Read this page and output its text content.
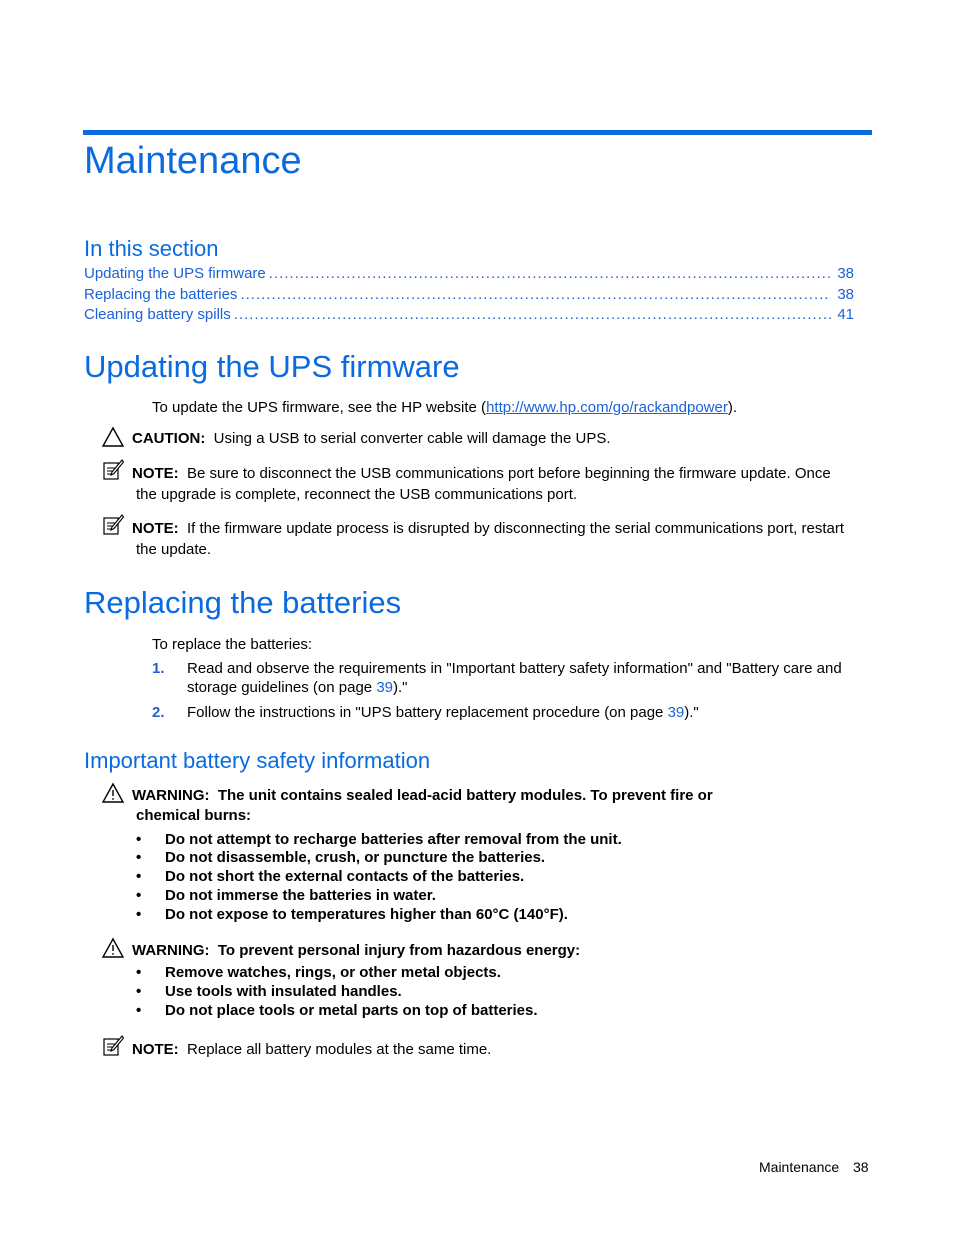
Maintenance
In this section
Updating the UPS firmware .....	38
Replacing the batteries .....	38
Cleaning battery spills .....	41
Updating the UPS firmware
To update the UPS firmware, see the HP website (http://www.hp.com/go/rackandpower).
CAUTION: Using a USB to serial converter cable will damage the UPS.
NOTE: Be sure to disconnect the USB communications port before beginning the firmware update. Once
the upgrade is complete, reconnect the USB communications port.
NOTE: If the firmware update process is disrupted by disconnecting the serial communications port, restart
the update.
Replacing the batteries
To replace the batteries:
1. Read and observe the requirements in "Important battery safety information" and "Battery care and
storage guidelines (on page 39)."
2. Follow the instructions in "UPS battery replacement procedure (on page 39)."
Important battery safety information
WARNING: The unit contains sealed lead-acid battery modules. To prevent fire or
chemical burns:
• Do not attempt to recharge batteries after removal from the unit.
• Do not disassemble, crush, or puncture the batteries.
• Do not short the external contacts of the batteries.
• Do not immerse the batteries in water.
• Do not expose to temperatures higher than 60°C (140°F).
WARNING: To prevent personal injury from hazardous energy:
• Remove watches, rings, or other metal objects.
• Use tools with insulated handles.
• Do not place tools or metal parts on top of batteries.
NOTE: Replace all battery modules at the same time.
Maintenance 38
